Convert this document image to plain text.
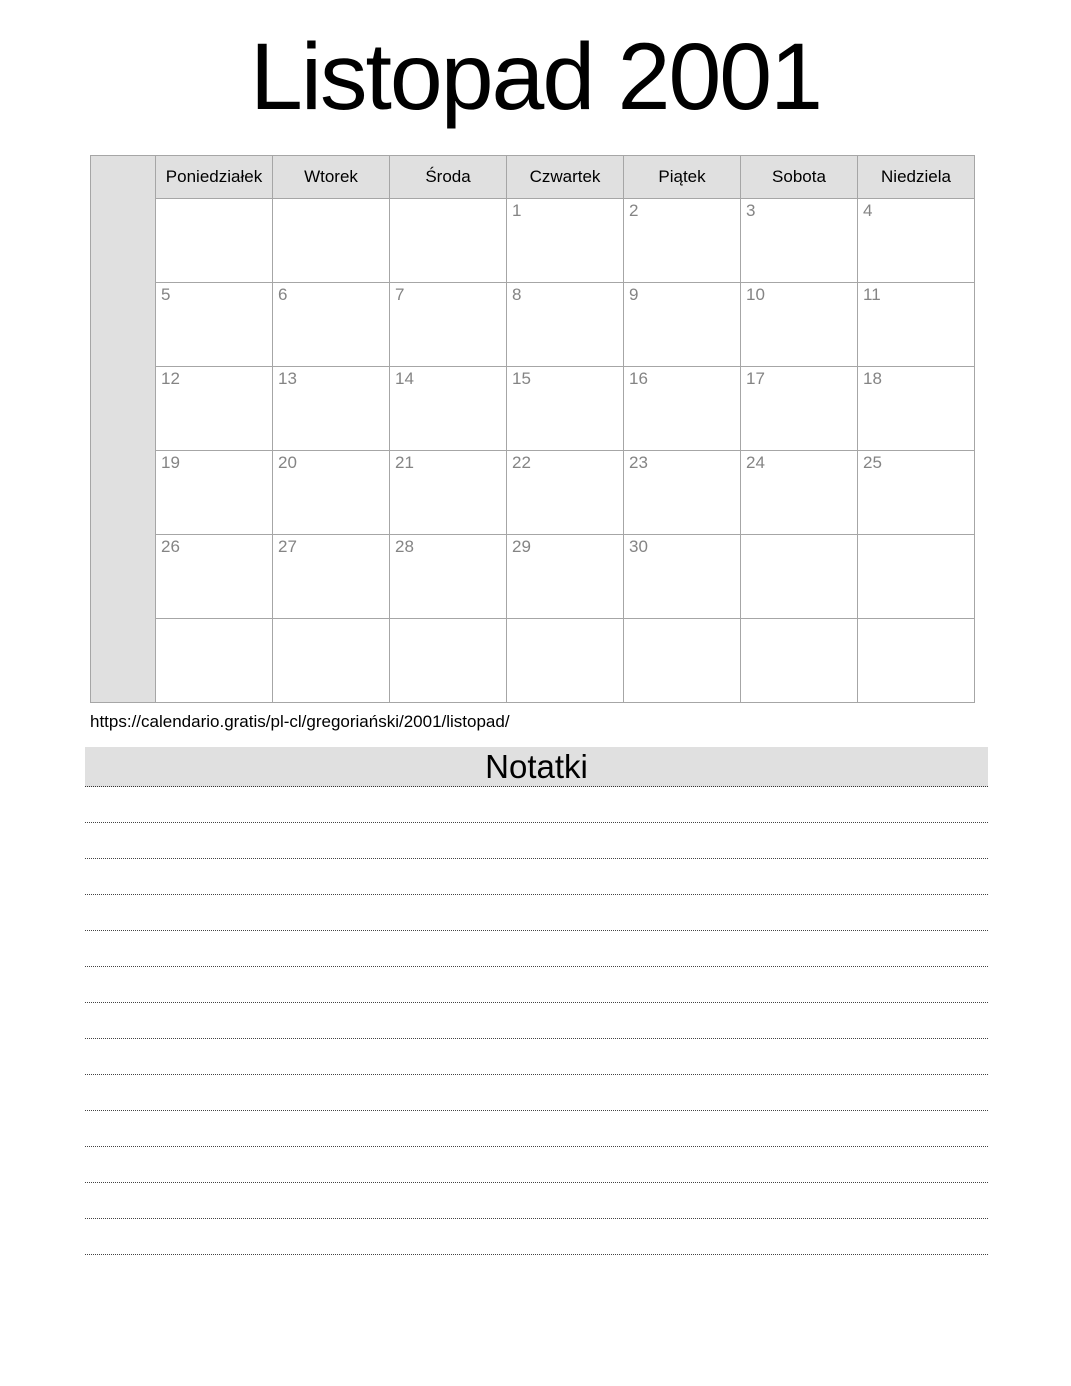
Listopad 2001
	Poniedziałek	Wtorek	Środa	Czwartek	Piątek	Sobota	Niedziela
				1	2	3	4
	5	6	7	8	9	10	11
	12	13	14	15	16	17	18
	19	20	21	22	23	24	25
	26	27	28	29	30		

https://calendario.gratis/pl-cl/gregoriański/2001/listopad/
Notatki
